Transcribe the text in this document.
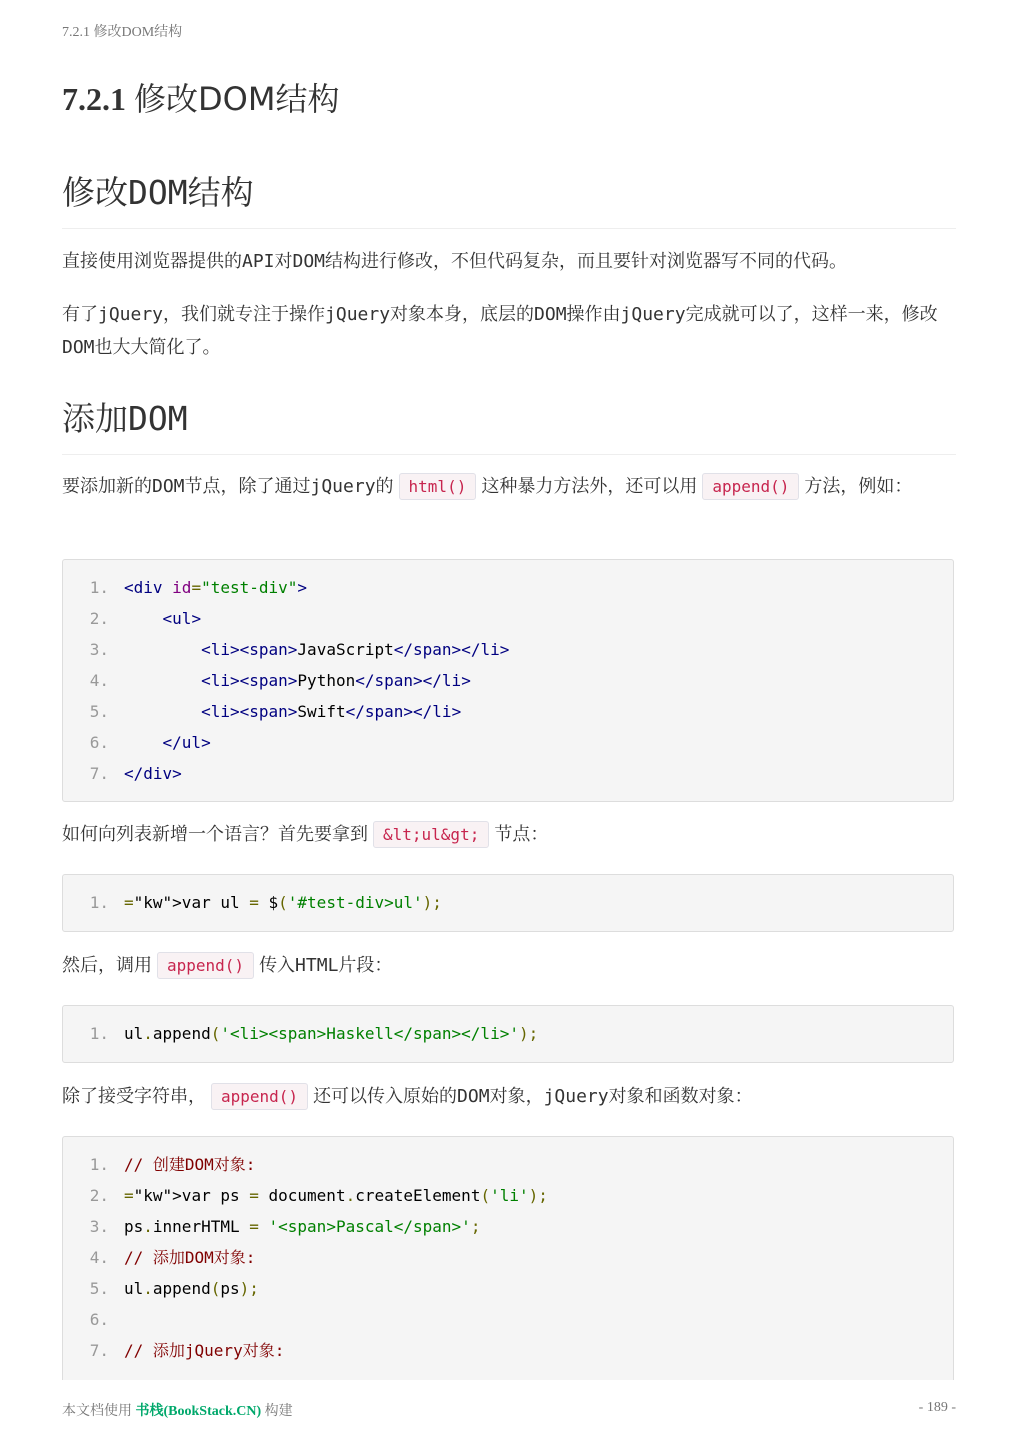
7.2.1 修改DOM结构
7.2.1 修改DOM结构
修改DOM结构

直接使用浏览器提供的API对DOM结构进行修改，不但代码复杂，而且要针对浏览器写不同的代码。

有了jQuery，我们就专注于操作jQuery对象本身，底层的DOM操作由jQuery完成就可以了，这样一来，修改DOM也大大简化了。

添加DOM

要添加新的DOM节点，除了通过jQuery的 html() 这种暴力方法外，还可以用 append() 方法，例如：

1 .	<div id="test-div">
2 .	<ul>
3 .	<li><span>JavaScript</span></li>
4 .	<li><span>Python</span></li>
5 .	<li><span>Swift</span></li>
6 .	</ul>
7 .	</div>

如何向列表新增一个语言？首先要拿到 &lt;ul&gt; 节点：

1 .	="kw">var ul = $('#test-div>ul');

然后，调用 append() 传入HTML片段：

1 .	ul.append('<li><span>Haskell</span></li>');

除了接受字符串， append() 还可以传入原始的DOM对象，jQuery对象和函数对象：

1 .	// 创建DOM对象:
2 .	="kw">var ps = document.createElement('li');
3 .	ps.innerHTML = '<span>Pascal</span>';
4 .	// 添加DOM对象:
5 .	ul.append(ps);
6 .
7 .	// 添加jQuery对象:
本文档使用 书栈(BookStack.CN) 构建	- 189 -
